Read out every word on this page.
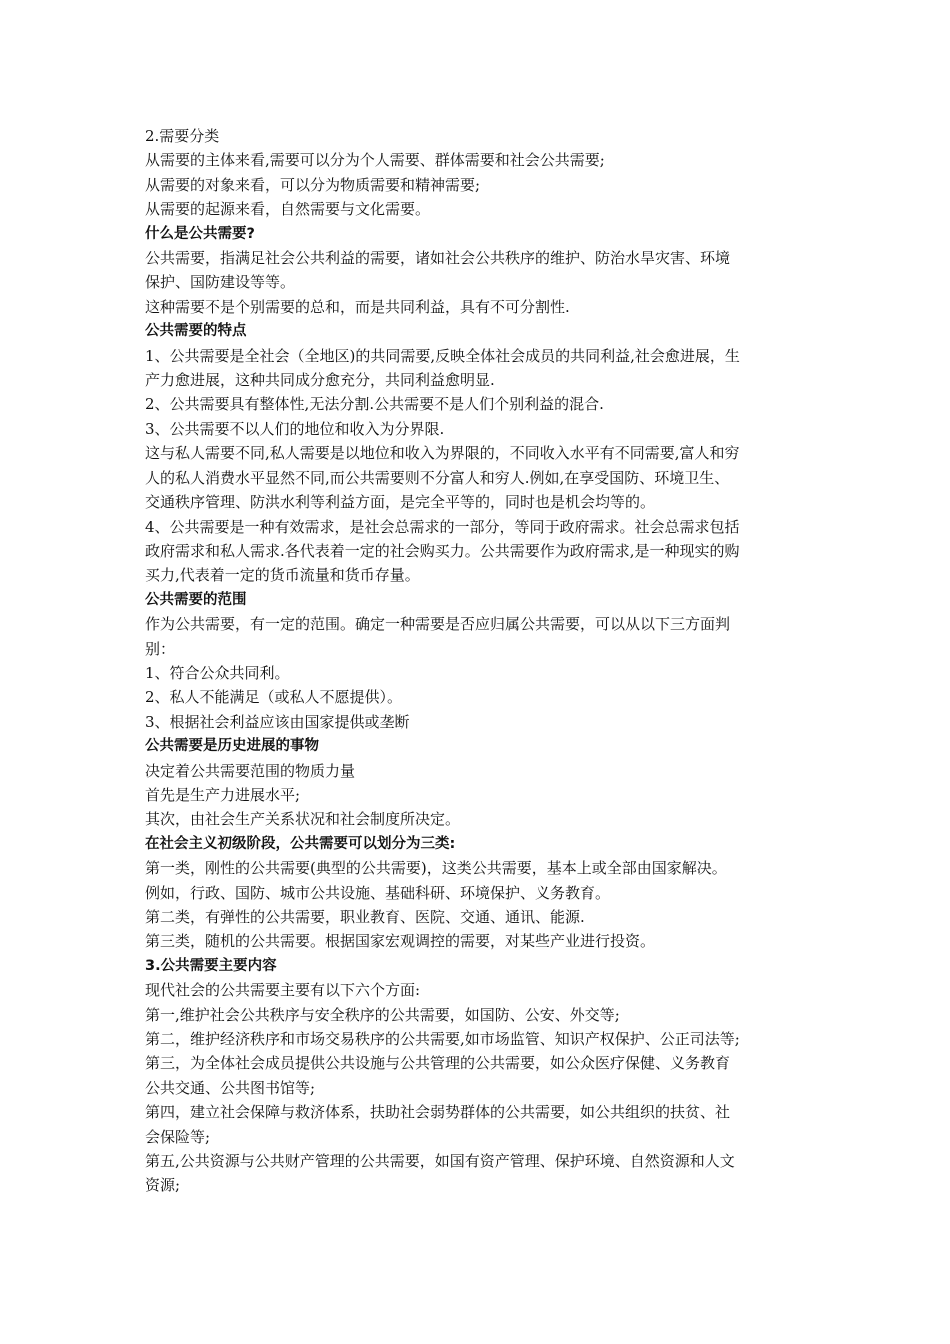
2.需要分类
从需要的主体来看,需要可以分为个人需要、群体需要和社会公共需要;
从需要的对象来看，可以分为物质需要和精神需要;
从需要的起源来看，自然需要与文化需要。
什么是公共需要?
公共需要，指满足社会公共利益的需要，诸如社会公共秩序的维护、防治水旱灾害、环境
保护、国防建设等等。
这种需要不是个别需要的总和，而是共同利益，具有不可分割性.
公共需要的特点
1、公共需要是全社会（全地区)的共同需要,反映全体社会成员的共同利益,社会愈进展，生
产力愈进展，这种共同成分愈充分，共同利益愈明显.
2、公共需要具有整体性,无法分割.公共需要不是人们个别利益的混合.
3、公共需要不以人们的地位和收入为分界限.
这与私人需要不同,私人需要是以地位和收入为界限的，不同收入水平有不同需要,富人和穷
人的私人消费水平显然不同,而公共需要则不分富人和穷人.例如,在享受国防、环境卫生、
交通秩序管理、防洪水利等利益方面，是完全平等的，同时也是机会均等的。
4、公共需要是一种有效需求，是社会总需求的一部分，等同于政府需求。社会总需求包括
政府需求和私人需求.各代表着一定的社会购买力。公共需要作为政府需求,是一种现实的购
买力,代表着一定的货币流量和货币存量。
公共需要的范围
作为公共需要，有一定的范围。确定一种需要是否应归属公共需要，可以从以下三方面判
别：
1、符合公众共同利。
2、私人不能满足（或私人不愿提供）。
3、根据社会利益应该由国家提供或垄断
公共需要是历史进展的事物
决定着公共需要范围的物质力量
首先是生产力进展水平;
其次，由社会生产关系状况和社会制度所决定。
在社会主义初级阶段，公共需要可以划分为三类:
第一类，刚性的公共需要(典型的公共需要)，这类公共需要，基本上或全部由国家解决。
例如，行政、国防、城市公共设施、基础科研、环境保护、义务教育。
第二类，有弹性的公共需要，职业教育、医院、交通、通讯、能源.
第三类，随机的公共需要。根据国家宏观调控的需要，对某些产业进行投资。
3.公共需要主要内容
现代社会的公共需要主要有以下六个方面:
第一,维护社会公共秩序与安全秩序的公共需要，如国防、公安、外交等;
第二，维护经济秩序和市场交易秩序的公共需要,如市场监管、知识产权保护、公正司法等;
第三，为全体社会成员提供公共设施与公共管理的公共需要，如公众医疗保健、义务教育
公共交通、公共图书馆等;
第四，建立社会保障与救济体系，扶助社会弱势群体的公共需要，如公共组织的扶贫、社
会保险等;
第五,公共资源与公共财产管理的公共需要，如国有资产管理、保护环境、自然资源和人文
资源;
